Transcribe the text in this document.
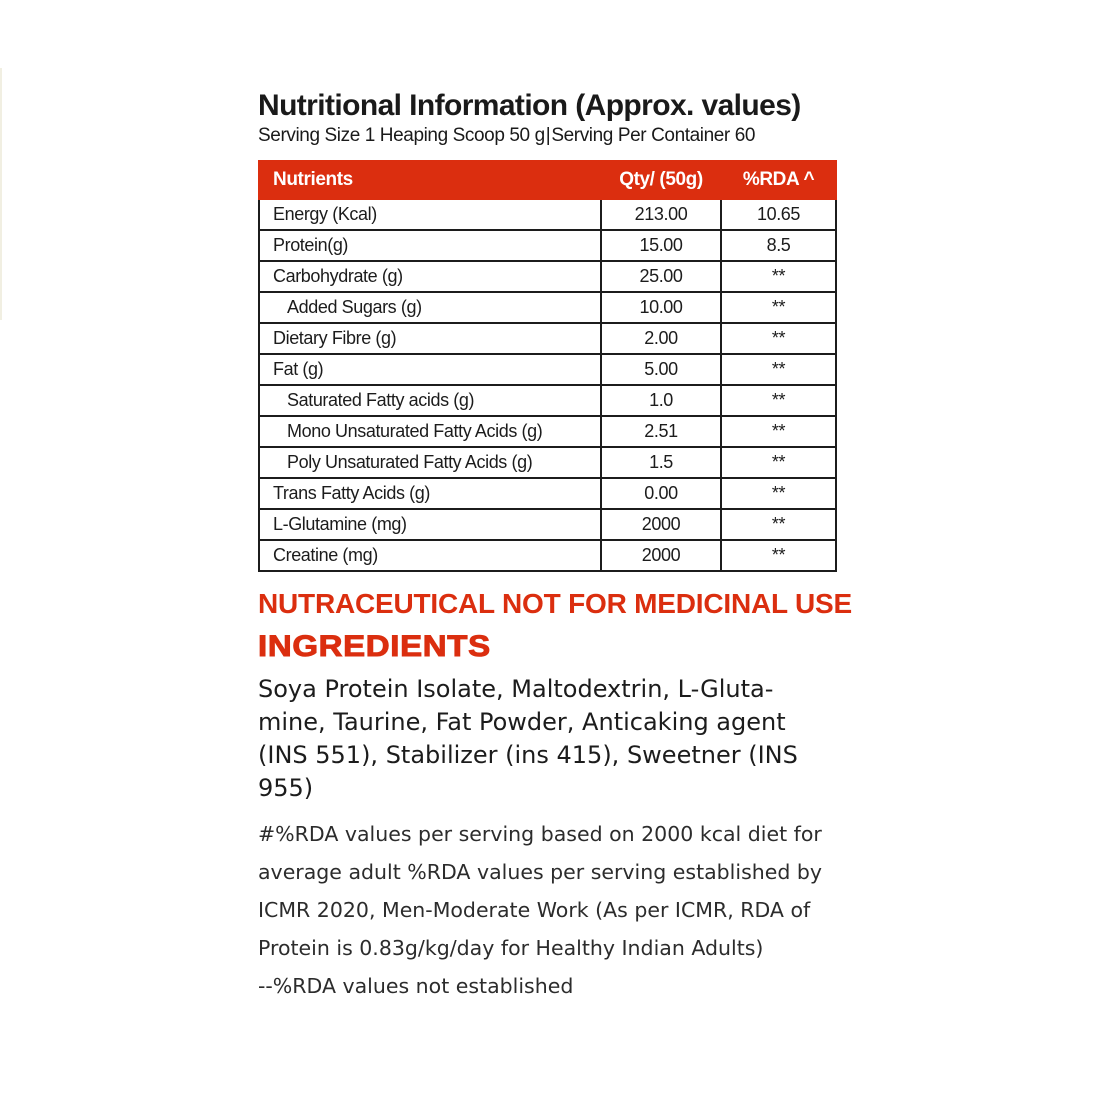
Nutritional Information (Approx. values)

Serving Size 1 Heaping Scoop 50 g|Serving Per Container 60

Nutrients	Qty/ (50g)	%RDA ^
Energy (Kcal)	213.00	10.65
Protein(g)	15.00	8.5
Carbohydrate (g)	25.00	**
Added Sugars (g)	10.00	**
Dietary Fibre (g)	2.00	**
Fat (g)	5.00	**
Saturated Fatty acids (g)	1.0	**
Mono Unsaturated Fatty Acids (g)	2.51	**
Poly Unsaturated Fatty Acids (g)	1.5	**
Trans Fatty Acids (g)	0.00	**
L-Glutamine (mg)	2000	**
Creatine (mg)	2000	**

NUTRACEUTICAL NOT FOR MEDICINAL USE

INGREDIENTS

Soya Protein Isolate, Maltodextrin, L-Gluta-
mine, Taurine, Fat Powder, Anticaking agent
(INS 551), Stabilizer (ins 415), Sweetner (INS
955)

#%RDA values per serving based on 2000 kcal diet for
average adult %RDA values per serving established by
ICMR 2020, Men-Moderate Work (As per ICMR, RDA of
Protein is 0.83g/kg/day for Healthy Indian Adults)
--%RDA values not established
